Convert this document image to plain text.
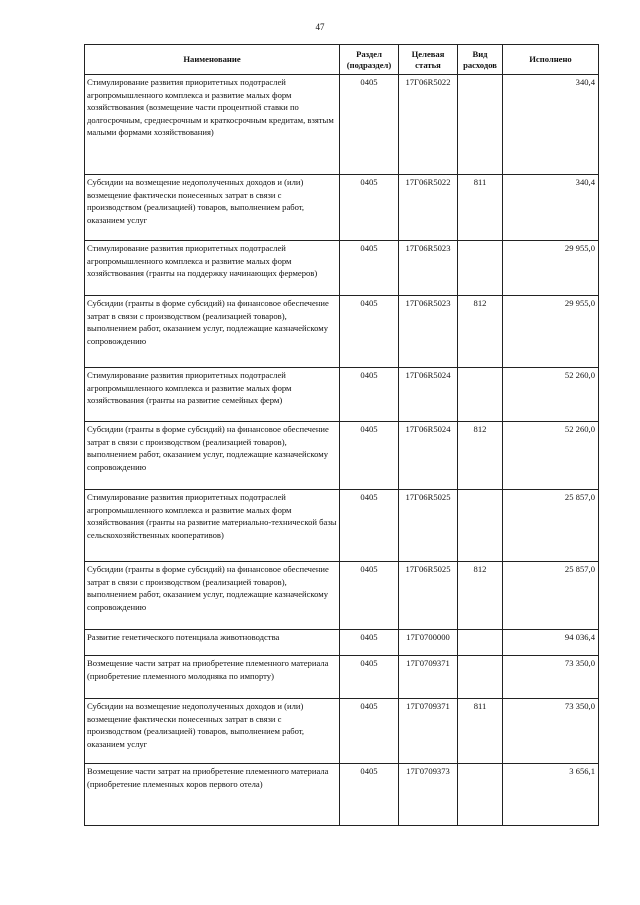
47
Наименование	Раздел (подраздел)	Целевая статья	Вид расходов	Исполнено
Стимулирование развития приоритетных подотраслей агропромышленного комплекса и развитие малых форм хозяйствования (возмещение части процентной ставки по долгосрочным, среднесрочным и краткосрочным кредитам, взятым малыми формами хозяйствования)	0405	17Г06R5022		340,4
Субсидии на возмещение недополученных доходов и (или) возмещение фактически понесенных затрат в связи с производством (реализацией) товаров, выполнением работ, оказанием услуг	0405	17Г06R5022	811	340,4
Стимулирование развития приоритетных подотраслей агропромышленного комплекса и развитие малых форм хозяйствования (гранты на поддержку начинающих фермеров)	0405	17Г06R5023		29 955,0
Субсидии (гранты в форме субсидий) на финансовое обеспечение затрат в связи с производством (реализацией товаров), выполнением работ, оказанием услуг, подлежащие казначейскому сопровождению	0405	17Г06R5023	812	29 955,0
Стимулирование развития приоритетных подотраслей агропромышленного комплекса и развитие малых форм хозяйствования (гранты на развитие семейных ферм)	0405	17Г06R5024		52 260,0
Субсидии (гранты в форме субсидий) на финансовое обеспечение затрат в связи с производством (реализацией товаров), выполнением работ, оказанием услуг, подлежащие казначейскому сопровождению	0405	17Г06R5024	812	52 260,0
Стимулирование развития приоритетных подотраслей агропромышленного комплекса и развитие малых форм хозяйствования (гранты на развитие материально-технической базы сельскохозяйственных кооперативов)	0405	17Г06R5025		25 857,0
Субсидии (гранты в форме субсидий) на финансовое обеспечение затрат в связи с производством (реализацией товаров), выполнением работ, оказанием услуг, подлежащие казначейскому сопровождению	0405	17Г06R5025	812	25 857,0
Развитие генетического потенциала животноводства	0405	17Г0700000		94 036,4
Возмещение части затрат на приобретение племенного материала (приобретение племенного молодняка по импорту)	0405	17Г0709371		73 350,0
Субсидии на возмещение недополученных доходов и (или) возмещение фактически понесенных затрат в связи с производством (реализацией) товаров, выполнением работ, оказанием услуг	0405	17Г0709371	811	73 350,0
Возмещение части затрат на приобретение племенного материала (приобретение племенных коров первого отела)	0405	17Г0709373		3 656,1
